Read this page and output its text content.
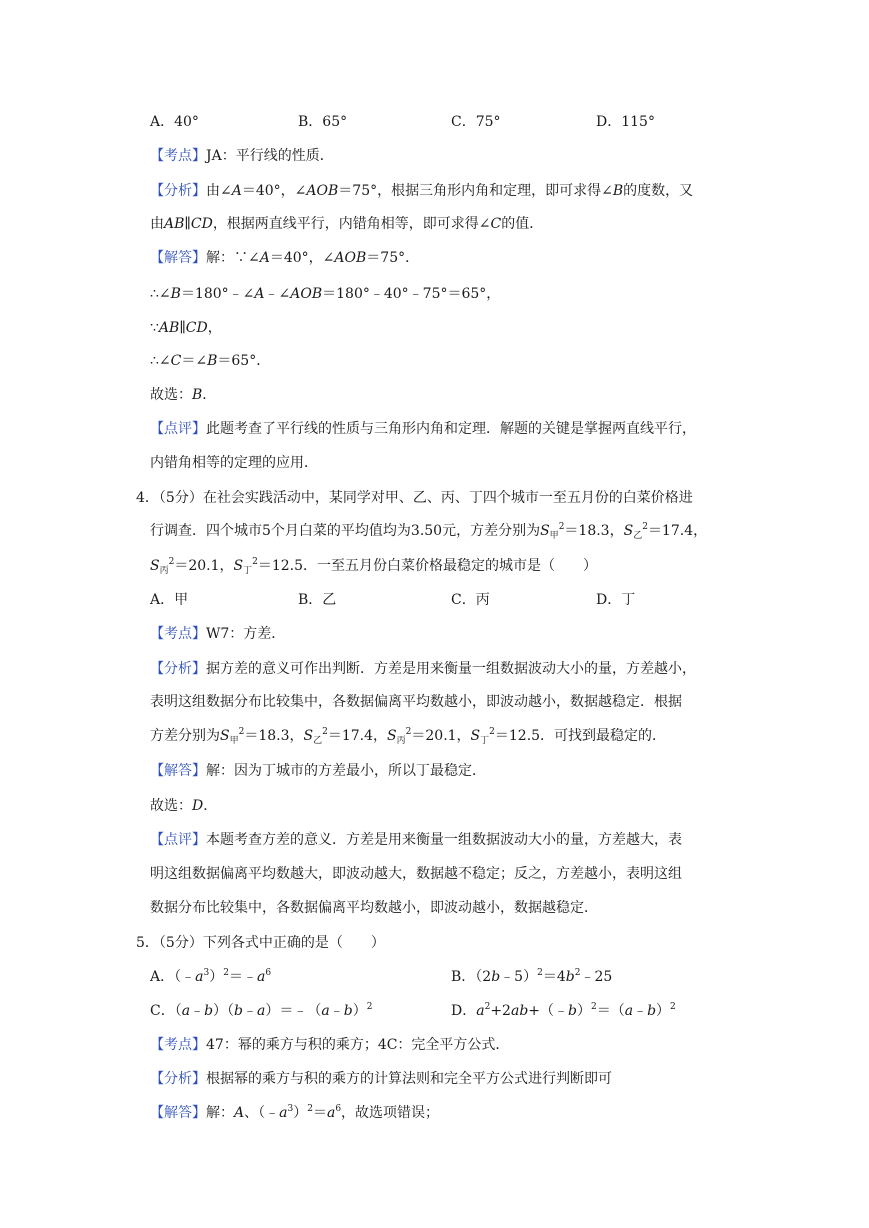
A．40°	B．65°	C．75°	D．115°
【考点】JA：平行线的性质．
【分析】由∠A＝40°，∠AOB＝75°，根据三角形内角和定理，即可求得∠B的度数，又
由AB∥CD，根据两直线平行，内错角相等，即可求得∠C的值．
【解答】解：∵∠A＝40°，∠AOB＝75°．
∴∠B＝180°﹣∠A﹣∠AOB＝180°﹣40°﹣75°＝65°，
∵AB∥CD，
∴∠C＝∠B＝65°．
故选：B．
【点评】此题考查了平行线的性质与三角形内角和定理．解题的关键是掌握两直线平行，
内错角相等的定理的应用．
4．（5分）在社会实践活动中，某同学对甲、乙、丙、丁四个城市一至五月份的白菜价格进
行调查．四个城市5个月白菜的平均值均为3.50元，方差分别为$S_甲^2=18.3$，$S_乙^2=17.4$，
$S_丙^2=20.1$，$S_丁^2=12.5$．一至五月份白菜价格最稳定的城市是（　　）
A．甲	B．乙	C．丙	D．丁
【考点】W7：方差．
【分析】据方差的意义可作出判断．方差是用来衡量一组数据波动大小的量，方差越小，
表明这组数据分布比较集中，各数据偏离平均数越小，即波动越小，数据越稳定．根据
方差分别为$S_甲^2=18.3$，$S_乙^2=17.4$，$S_丙^2=20.1$，$S_丁^2=12.5$．可找到最稳定的．
【解答】解：因为丁城市的方差最小，所以丁最稳定．
故选：D．
【点评】本题考查方差的意义．方差是用来衡量一组数据波动大小的量，方差越大，表
明这组数据偏离平均数越大，即波动越大，数据越不稳定；反之，方差越小，表明这组
数据分布比较集中，各数据偏离平均数越小，即波动越小，数据越稳定．
5．（5分）下列各式中正确的是（　　）
A．$(﹣a^3)^2=﹣a^6$	B．$(2b﹣5)^2=4b^2﹣25$
C．（a﹣b）（b﹣a）＝﹣（a﹣b）$^2$	D．$a^2+2ab+(﹣b)^2=(a﹣b)^2$
【考点】47：幂的乘方与积的乘方；4C：完全平方公式．
【分析】根据幂的乘方与积的乘方的计算法则和完全平方公式进行判断即可
【解答】解：A、$(﹣a^3)^2=a^6$，故选项错误；
